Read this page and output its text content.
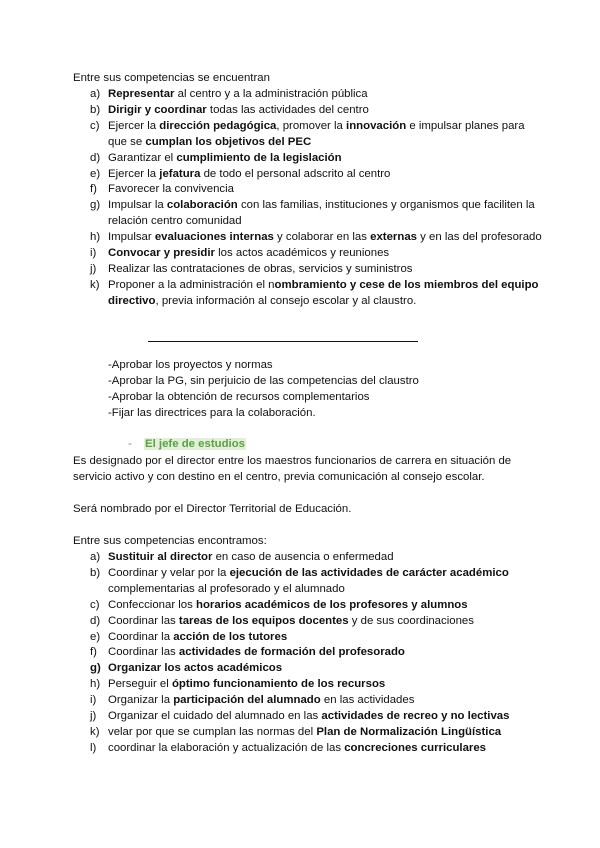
Entre sus competencias se encuentran
a) Representar al centro y a la administración pública
b) Dirigir y coordinar todas las actividades del centro
c) Ejercer la dirección pedagógica, promover la innovación e impulsar planes para que se cumplan los objetivos del PEC
d) Garantizar el cumplimiento de la legislación
e) Ejercer la jefatura de todo el personal adscrito al centro
f) Favorecer la convivencia
g) Impulsar la colaboración con las familias, instituciones y organismos que faciliten la relación centro comunidad
h) Impulsar evaluaciones internas y colaborar en las externas y en las del profesorado
i) Convocar y presidir los actos académicos y reuniones
j) Realizar las contrataciones de obras, servicios y suministros
k) Proponer a la administración el nombramiento y cese de los miembros del equipo directivo, previa información al consejo escolar y al claustro.
-Aprobar los proyectos y normas
-Aprobar la PG, sin perjuicio de las competencias del claustro
-Aprobar la obtención de recursos complementarios
-Fijar las directrices para la colaboración.
- El jefe de estudios
Es designado por el director entre los maestros funcionarios de carrera en situación de servicio activo y con destino en el centro, previa comunicación al consejo escolar.
Será nombrado por el Director Territorial de Educación.
Entre sus competencias encontramos:
a) Sustituir al director en caso de ausencia o enfermedad
b) Coordinar y velar por la ejecución de las actividades de carácter académico complementarias al profesorado y el alumnado
c) Confeccionar los horarios académicos de los profesores y alumnos
d) Coordinar las tareas de los equipos docentes y de sus coordinaciones
e) Coordinar la acción de los tutores
f) Coordinar las actividades de formación del profesorado
g) Organizar los actos académicos
h) Perseguir el óptimo funcionamiento de los recursos
i) Organizar la participación del alumnado en las actividades
j) Organizar el cuidado del alumnado en las actividades de recreo y no lectivas
k) velar por que se cumplan las normas del Plan de Normalización Lingüística
l) coordinar la elaboración y actualización de las concreciones curriculares
